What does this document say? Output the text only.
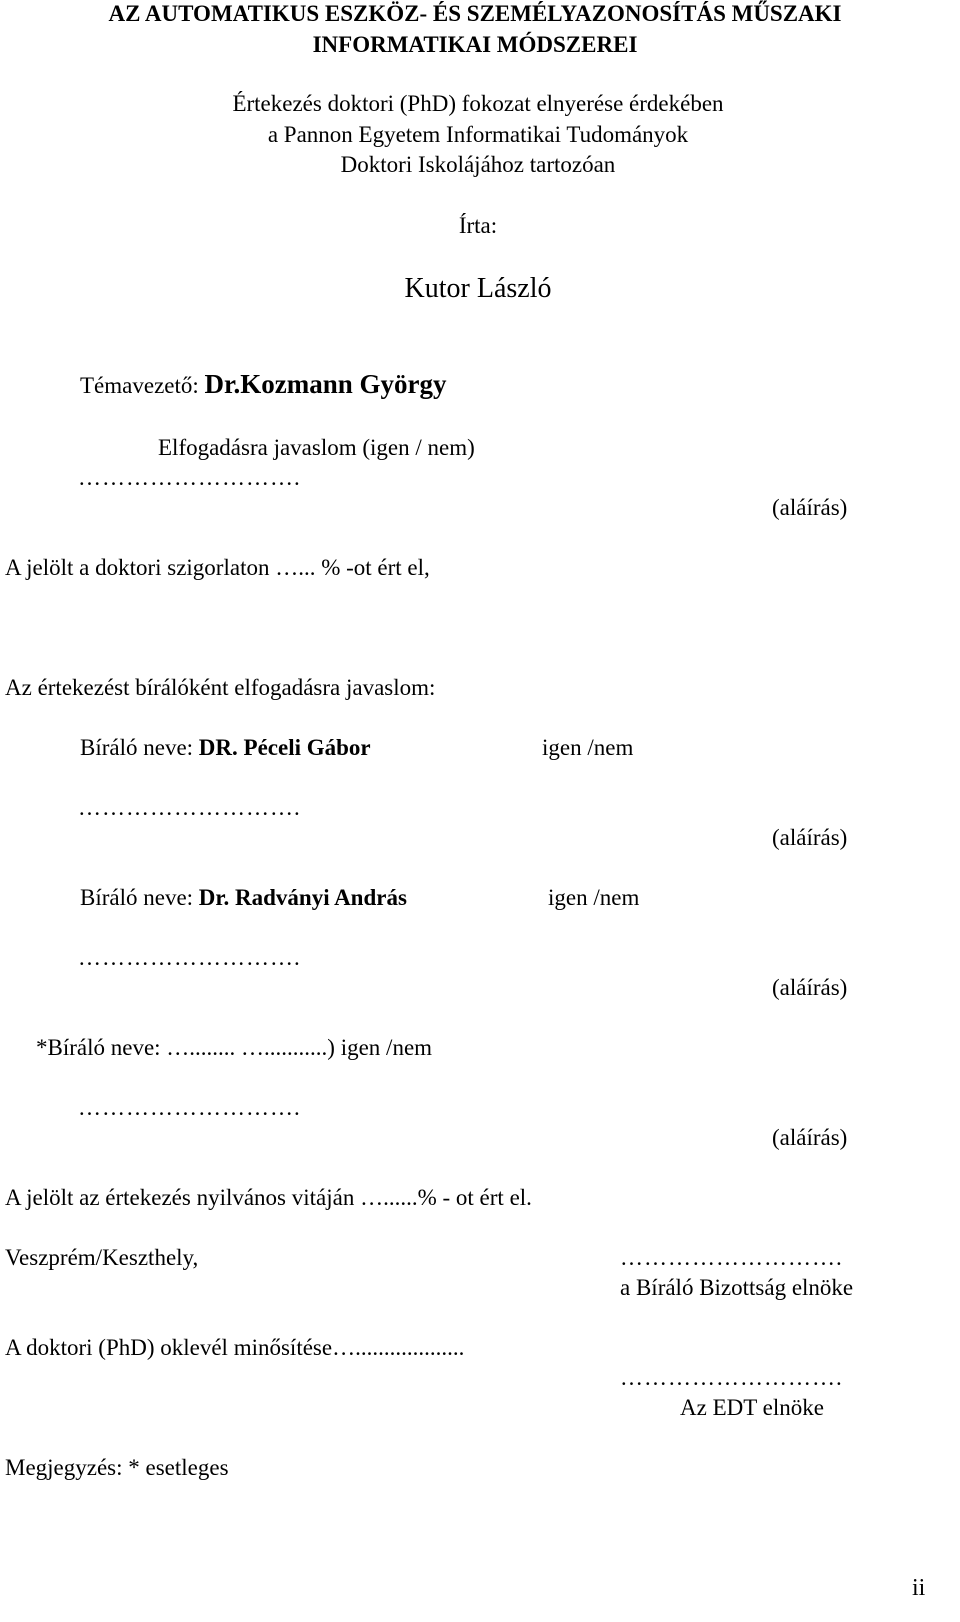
AZ AUTOMATIKUS ESZKÖZ- ÉS SZEMÉLYAZONOSÍTÁS MŰSZAKI
INFORMATIKAI MÓDSZEREI
Értekezés doktori (PhD) fokozat elnyerése érdekében
a Pannon Egyetem Informatikai Tudományok
Doktori Iskolájához tartozóan
Írta:
Kutor László
Témavezető: Dr.Kozmann György
Elfogadásra javaslom (igen / nem)
……………………….
(aláírás)
A jelölt a doktori szigorlaton …... % -ot ért el,
Az értekezést bírálóként elfogadásra javaslom:
Bíráló neve: DR. Péceli Gábor	igen /nem
……………………….
(aláírás)
Bíráló neve: Dr. Radványi András	igen /nem
……………………….
(aláírás)
*Bíráló neve: …........ …...........) igen /nem
……………………….
(aláírás)
A jelölt az értekezés nyilvános vitáján …......% - ot ért el.
Veszprém/Keszthely,	……………………….
a Bíráló Bizottság elnöke
A doktori (PhD) oklevél minősítése…...................
……………………….
Az EDT elnöke
Megjegyzés: * esetleges
ii
